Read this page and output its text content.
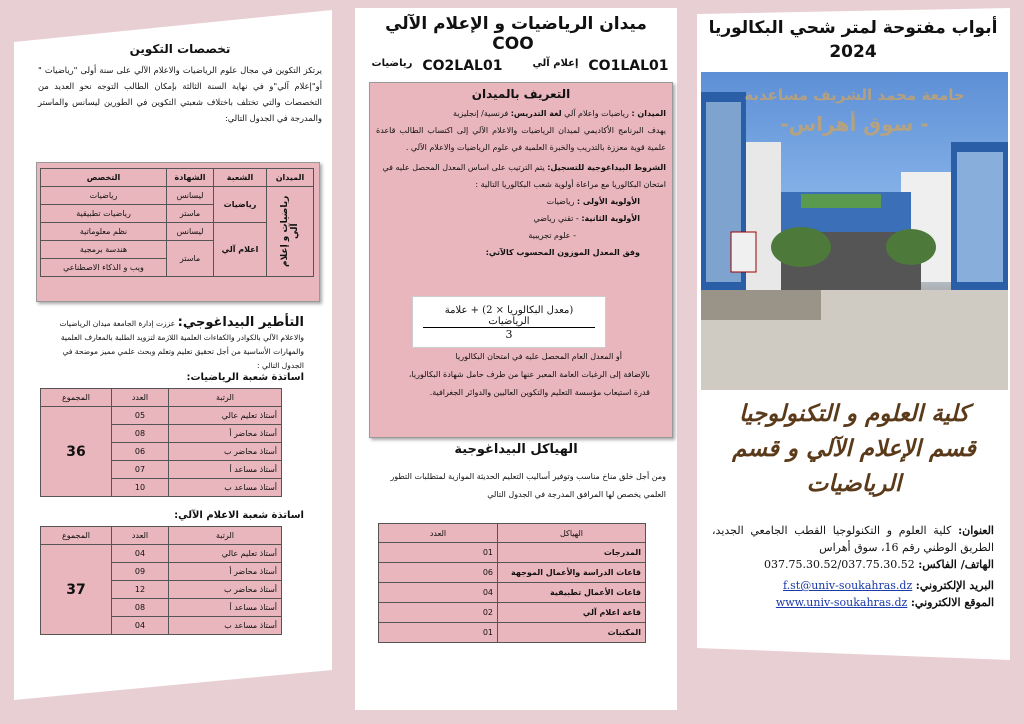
تخصصات التكوين
يرتكز التكوين في مجال علوم الرياضيات والاعلام الآلي على سنة أولى "رياضيات " أو"إعلام آلي"و في نهاية السنة الثالثة بإمكان الطالب التوجه نحو العديد من التخصصات والتي تختلف باختلاف شعبتي التكوين في الطورين ليسانس والماستر والمدرجة في الجدول التالي:
الميدان	الشعبة	الشهادة	التخصص

رياضيات و إعلام آلي	رياضيات	ليسانس	رياضيات
		ماستر	رياضيات تطبيقية
	اعلام آلي	ليسانس	نظم معلوماتية
		ماستر	هندسة برمجية
			ويب و الذكاء الاصطناعي
التأطير البيداغوجي: عززت إدارة الجامعة ميدان الرياضيات والاعلام الآلي بالكوادر والكفاءات العلمية اللازمة لتزويد الطلبة بالمعارف العلمية والمهارات الأساسية من أجل تحقيق تعليم وتعلم وبحث علمي مميز موضحة في الجدول التالي :
اساتذة شعبة الرياضيات:
الرتبة	العدد	المجموع
أستاذ تعليم عالي	05	36
أستاذ محاضر أ	08	
أستاذ محاضر ب	06	
أستاذ مساعد أ	07	
أستاذ مساعد ب	10	
اساتذة شعبة الاعلام الآلي:
الرتبة	العدد	المجموع
أستاذ تعليم عالي	04	37
أستاذ محاضر أ	09	
أستاذ محاضر ب	12	
أستاذ مساعد أ	08	
أستاذ مساعد ب	04	
ميدان الرياضيات و الإعلام الآلي COO
CO1LAL01
إعلام آلي
CO2LAL01
رياضيات
التعريف بالميدان
الميدان : رياضيات واعلام آلي لغة التدريس: فرنسية/ إنجليزية
يهدف البرنامج الأكاديمي لميدان الرياضيات والاعلام الآلي إلى اكتساب الطالب قاعدة علمية قوية معززة بالتدريب والخبرة العلمية في علوم الرياضيات والاعلام الآلي .
الشروط البيداغوجية للتسجيل: يتم الترتيب على اساس المعدل المحصل عليه في امتحان البكالوريا مع مراعاة أولوية شعب البكالوريا التالية :
الأولوية الأولى : رياضيات
الأولوية الثانية: - تقني رياضي
- علوم تجريبية
وفق المعدل الموزون المحسوب كالآتي:
(معدل البكالوريا × 2) + علامة الرياضيات
3
أو المعدل العام المحصل عليه في امتحان البكالوريا
بالإضافة إلى الرغبات العامة المعبر عنها من طرف حامل شهادة البكالوريا،
قدرة استيعاب مؤسسة التعليم والتكوين العاليين والدوائر الجغرافية.
الهياكل البيداغوجية
ومن أجل خلق مناخ مناسب وتوفير أساليب التعليم الحديثة الموازية لمتطلبات التطور العلمي يخصص لها المرافق المدرجة في الجدول التالي
الهياكل	العدد
المدرجات	01
قاعات الدراسة والأعمال الموجهة	06
قاعات الأعمال تطبيقية	04
قاعة اعلام آلي	02
المكتبات	01
أبواب مفتوحة لمتر شحي البكالوريا
2024
جامعة محمد الشريف مساعدية
- سوق أهراس-
كلية العلوم و التكنولوجيا قسم الإعلام الآلي و قسم الرياضيات
العنوان: كلية العلوم و التكنولوجيا القطب الجامعي الجديد، الطريق الوطني رقم 16، سوق أهراس
الهاتف/ الفاكس: 037.75.30.52/037.75.30.52
البريد الإلكتروني: f.st@univ-soukahras.dz
الموقع الالكتروني: www.univ-soukahras.dz
